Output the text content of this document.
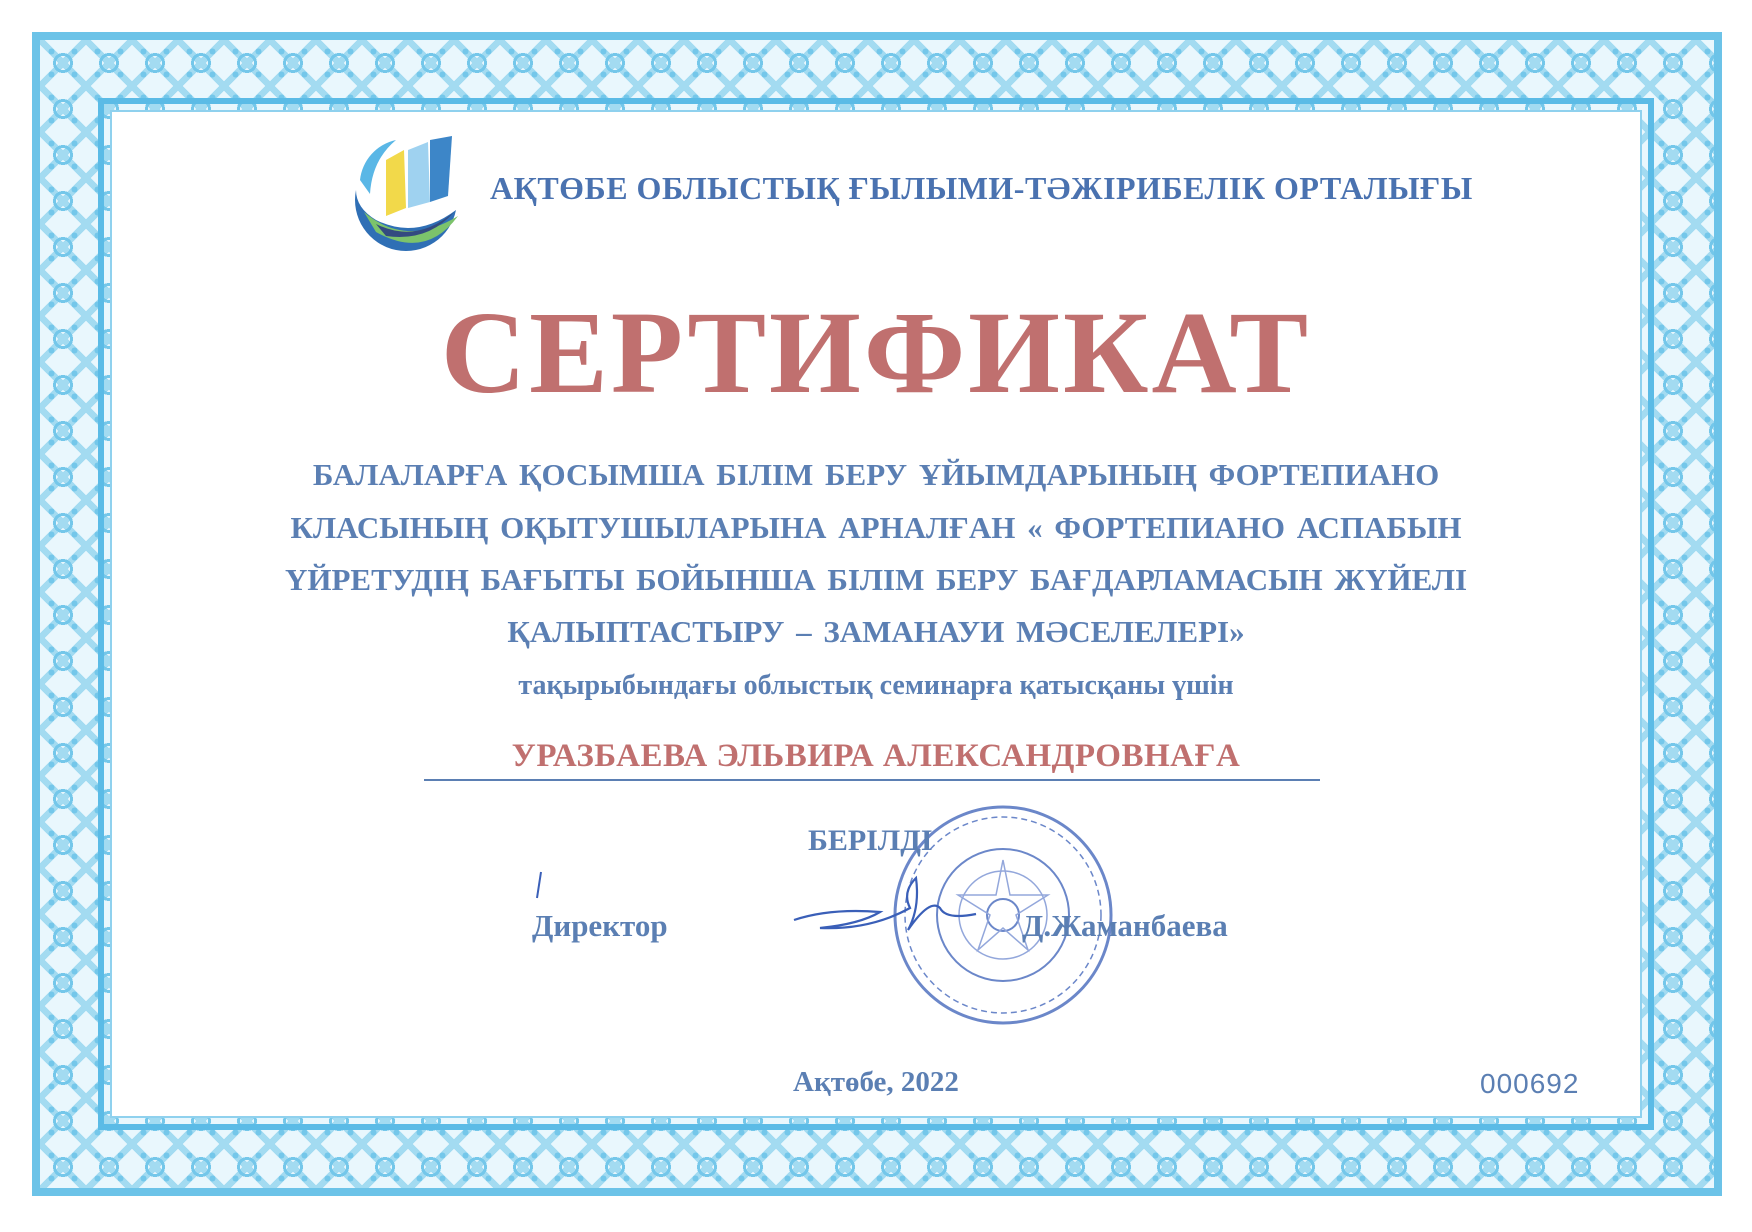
АҚТӨБЕ ОБЛЫСТЫҚ ҒЫЛЫМИ-ТӘЖІРИБЕЛІК ОРТАЛЫҒЫ
СЕРТИФИКАТ
БАЛАЛАРҒА ҚОСЫМША БІЛІМ БЕРУ ҰЙЫМДАРЫНЫҢ ФОРТЕПИАНО
КЛАСЫНЫҢ ОҚЫТУШЫЛАРЫНА АРНАЛҒАН « ФОРТЕПИАНО АСПАБЫН
ҮЙРЕТУДІҢ БАҒЫТЫ БОЙЫНША БІЛІМ БЕРУ БАҒДАРЛАМАСЫН ЖҮЙЕЛІ
ҚАЛЫПТАСТЫРУ – ЗАМАНАУИ МӘСЕЛЕЛЕРІ»
тақырыбындағы облыстық семинарға қатысқаны үшін
УРАЗБАЕВА ЭЛЬВИРА АЛЕКСАНДРОВНАҒА
БЕРІЛДІ
Директор	Д.Жаманбаева
Ақтөбе, 2022	000692
